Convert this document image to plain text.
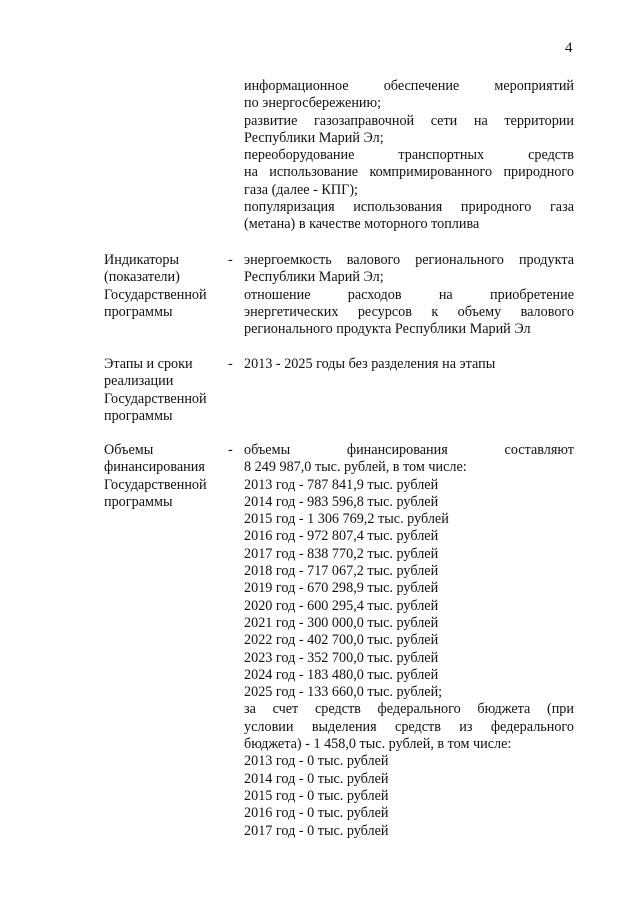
4
информационное обеспечение мероприятий
по энергосбережению;
развитие газозаправочной сети на территории
Республики Марий Эл;
переоборудование транспортных средств
на использование компримированного природного
газа (далее - КПГ);
популяризация использования природного газа
(метана) в качестве моторного топлива
Индикаторы
(показатели)
Государственной
программы
- энергоемкость валового регионального продукта
Республики Марий Эл;
отношение расходов на приобретение
энергетических ресурсов к объему валового
регионального продукта Республики Марий Эл
Этапы и сроки
реализации
Государственной
программы
- 2013 - 2025 годы без разделения на этапы
Объемы
финансирования
Государственной
программы
- объемы финансирования составляют
8 249 987,0 тыс. рублей, в том числе:
2013 год - 787 841,9 тыс. рублей
2014 год - 983 596,8 тыс. рублей
2015 год - 1 306 769,2 тыс. рублей
2016 год - 972 807,4 тыс. рублей
2017 год - 838 770,2 тыс. рублей
2018 год - 717 067,2 тыс. рублей
2019 год - 670 298,9 тыс. рублей
2020 год - 600 295,4 тыс. рублей
2021 год - 300 000,0 тыс. рублей
2022 год - 402 700,0 тыс. рублей
2023 год - 352 700,0 тыс. рублей
2024 год - 183 480,0 тыс. рублей
2025 год - 133 660,0 тыс. рублей;
за счет средств федерального бюджета (при
условии выделения средств из федерального
бюджета) - 1 458,0 тыс. рублей, в том числе:
2013 год - 0 тыс. рублей
2014 год - 0 тыс. рублей
2015 год - 0 тыс. рублей
2016 год - 0 тыс. рублей
2017 год - 0 тыс. рублей
